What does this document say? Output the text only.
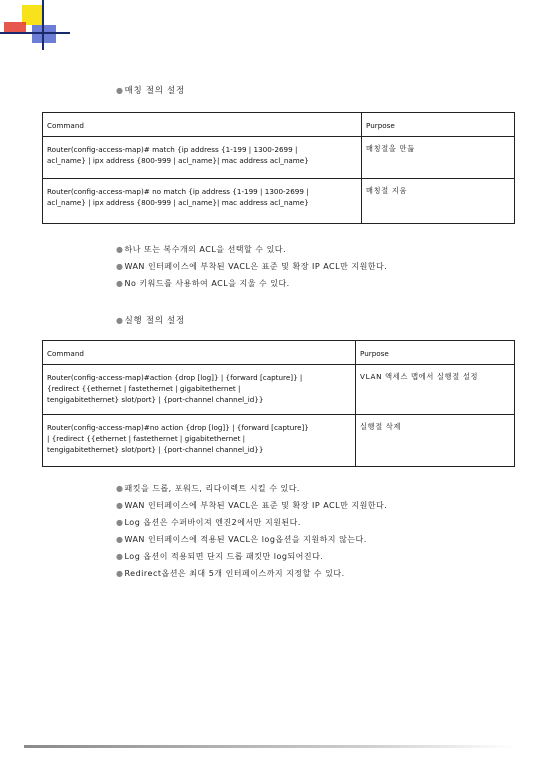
●매칭 절의 설정
Command	Purpose

Router(config-access-map)# match {ip address {1-199 | 1300-2699 |
acl_name} | ipx address {800-999 | acl_name}| mac address acl_name}	매칭절을 만듦

Router(config-access-map)# no match {ip address {1-199 | 1300-2699 |
acl_name} | ipx address {800-999 | acl_name}| mac address acl_name}	매칭절 지움
●하나 또는 복수개의 ACL을 선택할 수 있다.
●WAN 인터페이스에 부착된 VACL은 표준 및 확장 IP ACL만 지원한다.
●No 키워드를 사용하여 ACL을 지울 수 있다.
●실행 절의 설정
Command	Purpose

Router(config-access-map)#action {drop [log]} | {forward [capture]} |
{redirect {{ethernet | fastethernet | gigabitethernet |
tengigabitethernet} slot/port} | {port-channel channel_id}}	VLAN 액세스 맵에서 실행절 설정

Router(config-access-map)#no action {drop [log]} | {forward [capture]}
| {redirect {{ethernet | fastethernet | gigabitethernet |
tengigabitethernet} slot/port} | {port-channel channel_id}}	실행절 삭제
●패킷을 드롭, 포워드, 리다이렉트 시킬 수 있다.
●WAN 인터페이스에 부착된 VACL은 표준 및 확장 IP ACL만 지원한다.
●Log 옵션은 수퍼바이져 엔진2에서만 지원된다.
●WAN 인터페이스에 적용된 VACL은 log옵션을 지원하지 않는다.
●Log 옵션이 적용되면 단지 드롭 패킷만 log되어진다.
●Redirect옵션은 최대 5개 인터페이스까지 지정할 수 있다.
